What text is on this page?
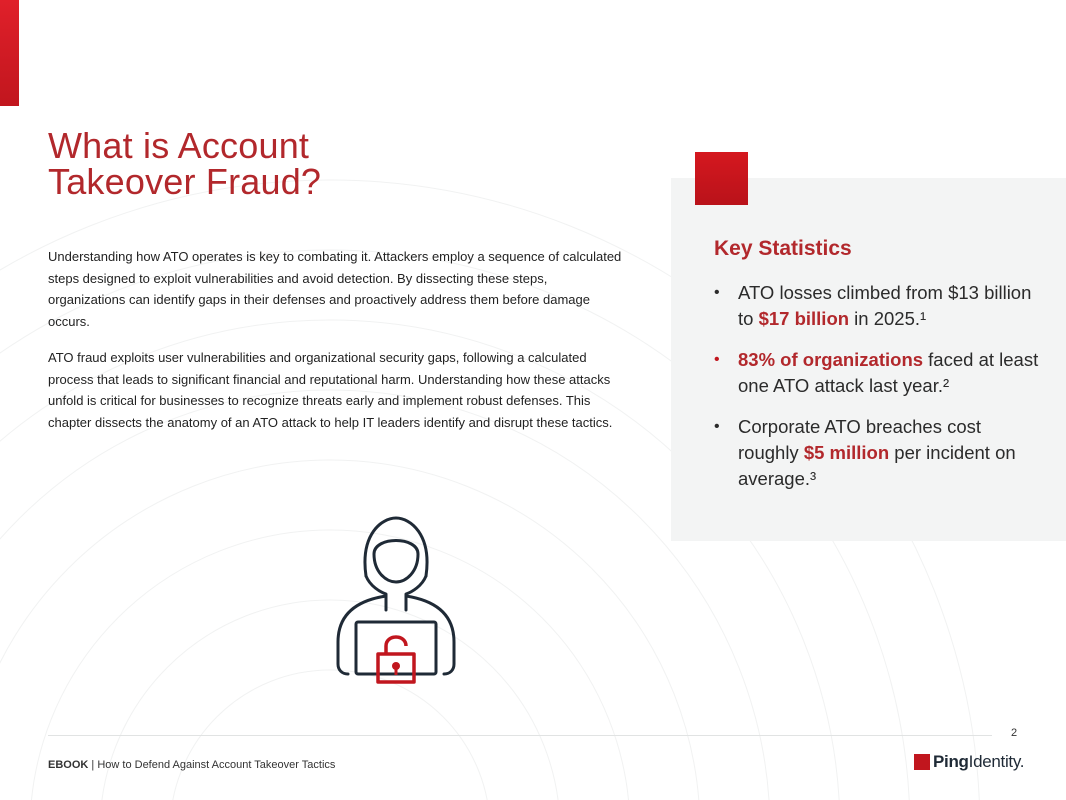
What is Account
Takeover Fraud?

Understanding how ATO operates is key to combating it. Attackers employ a sequence of calculated steps designed to exploit vulnerabilities and avoid detection. By dissecting these steps, organizations can identify gaps in their defenses and proactively address them before damage occurs.

ATO fraud exploits user vulnerabilities and organizational security gaps, following a calculated process that leads to significant financial and reputational harm. Understanding how these attacks unfold is critical for businesses to recognize threats early and implement robust defenses. This chapter dissects the anatomy of an ATO attack to help IT leaders identify and disrupt these tactics.

Key Statistics
• ATO losses climbed from $13 billion to $17 billion in 2025.¹
• 83% of organizations faced at least one ATO attack last year.²
• Corporate ATO breaches cost roughly $5 million per incident on average.³
2
EBOOK | How to Defend Against Account Takeover Tactics	PingIdentity.
